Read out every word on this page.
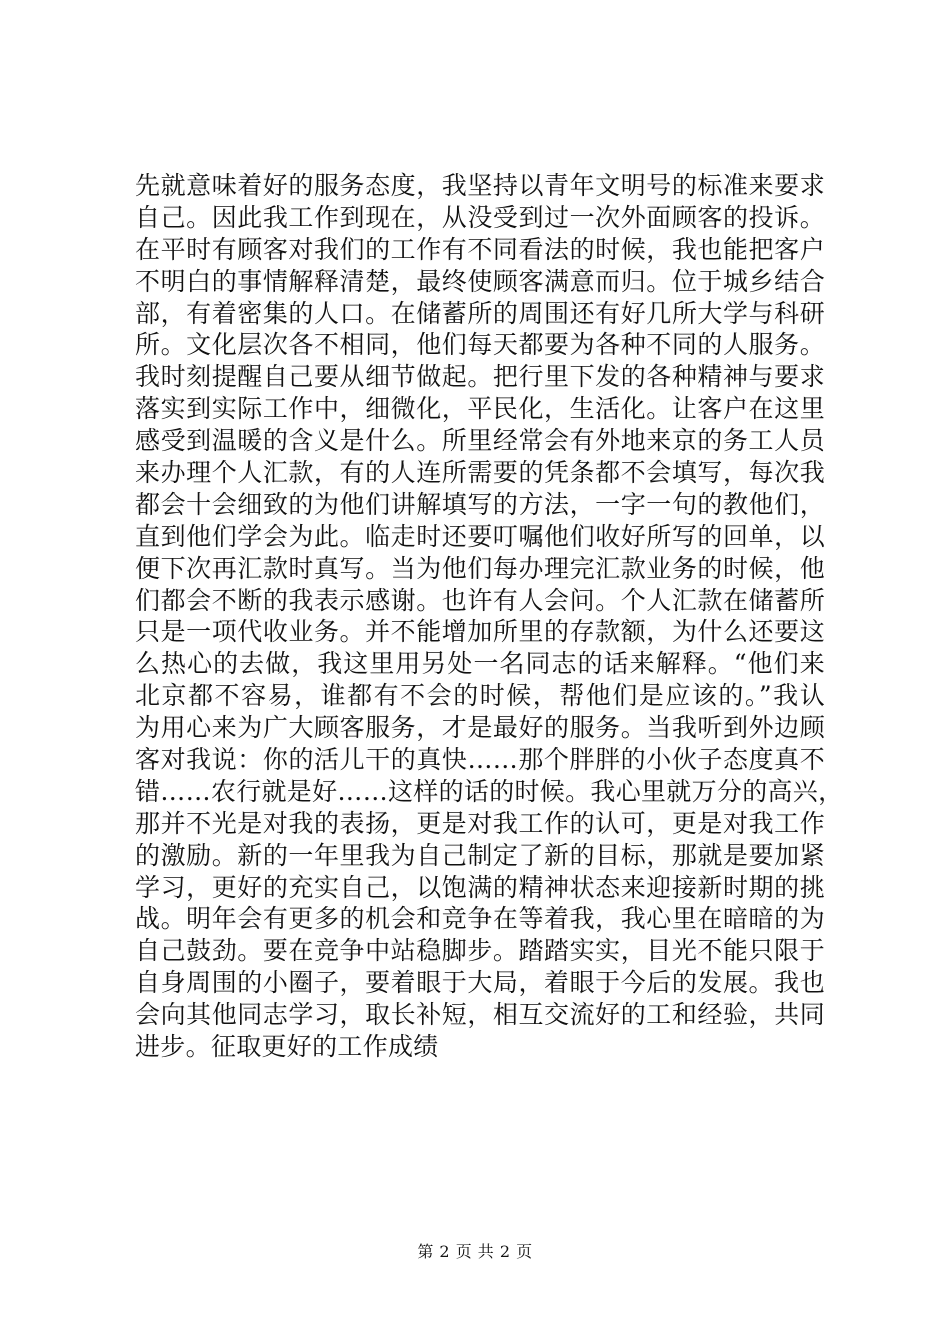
先就意味着好的服务态度，我坚持以青年文明号的标准来要求
自己。因此我工作到现在，从没受到过一次外面顾客的投诉。
在平时有顾客对我们的工作有不同看法的时候，我也能把客户
不明白的事情解释清楚，最终使顾客满意而归。位于城乡结合
部，有着密集的人口。在储蓄所的周围还有好几所大学与科研
所。文化层次各不相同，他们每天都要为各种不同的人服务。
我时刻提醒自己要从细节做起。把行里下发的各种精神与要求
落实到实际工作中，细微化，平民化，生活化。让客户在这里
感受到温暖的含义是什么。所里经常会有外地来京的务工人员
来办理个人汇款，有的人连所需要的凭条都不会填写，每次我
都会十会细致的为他们讲解填写的方法，一字一句的教他们，
直到他们学会为此。临走时还要叮嘱他们收好所写的回单，以
便下次再汇款时真写。当为他们每办理完汇款业务的时候，他
们都会不断的我表示感谢。也许有人会问。个人汇款在储蓄所
只是一项代收业务。并不能增加所里的存款额，为什么还要这
么热心的去做，我这里用另处一名同志的话来解释。“他们来
北京都不容易，谁都有不会的时候，帮他们是应该的。”我认
为用心来为广大顾客服务，才是最好的服务。当我听到外边顾
客对我说：你的活儿干的真快……那个胖胖的小伙子态度真不
错……农行就是好……这样的话的时候。我心里就万分的高兴，
那并不光是对我的表扬，更是对我工作的认可，更是对我工作
的激励。新的一年里我为自己制定了新的目标，那就是要加紧
学习，更好的充实自己，以饱满的精神状态来迎接新时期的挑
战。明年会有更多的机会和竞争在等着我，我心里在暗暗的为
自己鼓劲。要在竞争中站稳脚步。踏踏实实，目光不能只限于
自身周围的小圈子，要着眼于大局，着眼于今后的发展。我也
会向其他同志学习，取长补短，相互交流好的工和经验，共同
进步。征取更好的工作成绩
第 2 页 共 2 页
